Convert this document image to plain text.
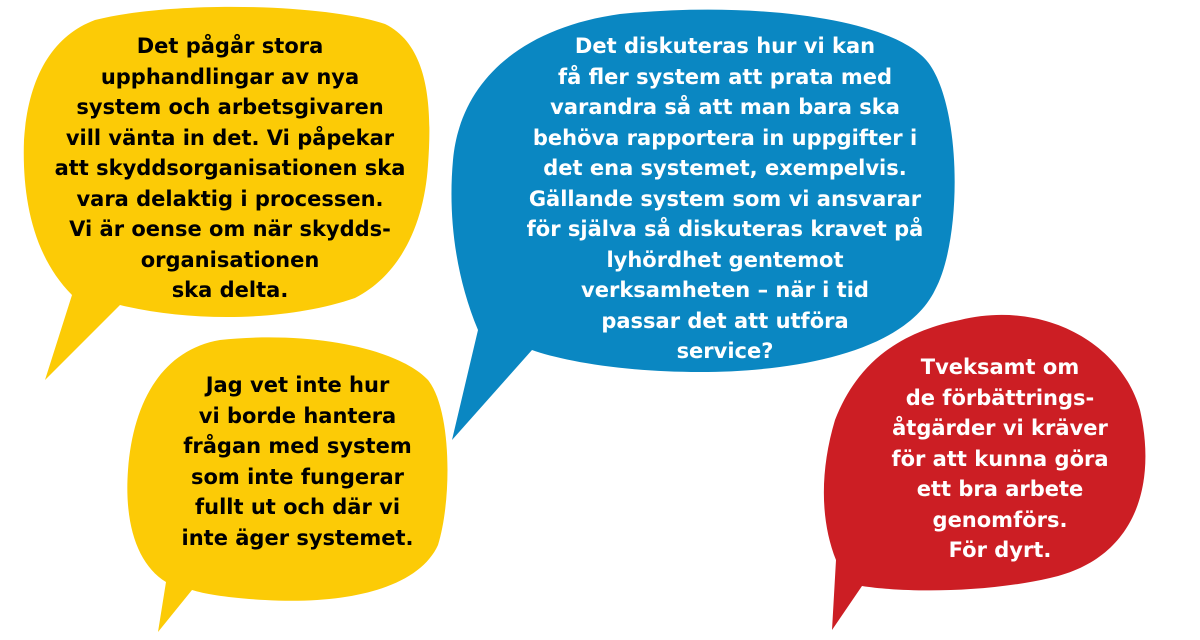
Det pågår stora
upphandlingar av nya
system och arbetsgivaren
vill vänta in det. Vi påpekar
att skyddsorganisationen ska
vara delaktig i processen.
Vi är oense om när skydds-
organisationen
ska delta.

Jag vet inte hur
vi borde hantera
frågan med system
som inte fungerar
fullt ut och där vi
inte äger systemet.

Det diskuteras hur vi kan
få fler system att prata med
varandra så att man bara ska
behöva rapportera in uppgifter i
det ena systemet, exempelvis.
Gällande system som vi ansvarar
för själva så diskuteras kravet på
lyhördhet gentemot
verksamheten – när i tid
passar det att utföra
service?

Tveksamt om
de förbättrings-
åtgärder vi kräver
för att kunna göra
ett bra arbete
genomförs.
För dyrt.
